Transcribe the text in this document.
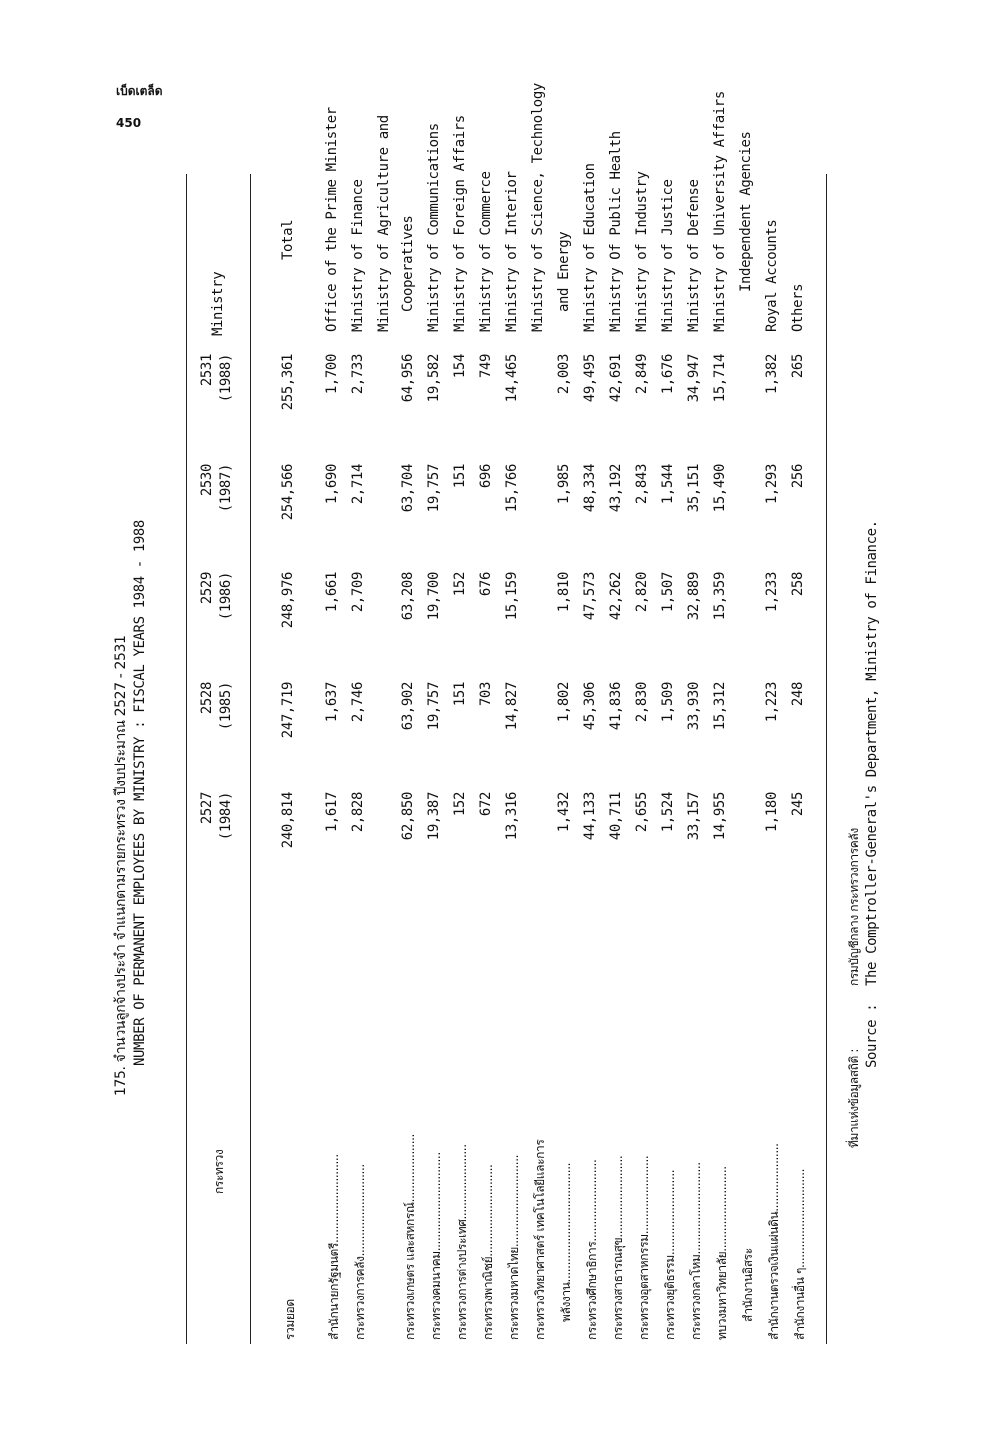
เบ็ดเตล็ด
450
175. จำนวนลูกจ้างประจำ จำแนกตามรายกระทรวง ปีงบประมาณ 2527 - 2531 NUMBER OF PERMANENT EMPLOYEES BY MINISTRY : FISCAL YEARS 1984 - 1988
กระทรวง
Ministry
2527 (1984)
2528 (1985)
2529 (1986)
2530 (1987)
2531 (1988)
รวมยอด
240,814
247,719
248,976
254,566
255,361
Total
สำนักนายกรัฐมนตรี..........................
1,617
1,637
1,661
1,690
1,700
Office of the Prime Minister
กระทรวงการคลัง...........................
2,828
2,746
2,709
2,714
2,733
Ministry of Finance Ministry of Agriculture and
กระทรวงเกษตร และสหกรณ์....................
62,850
63,902
63,208
63,704
64,956
Cooperatives
กระทรวงคมนาคม.............................
19,387
19,757
19,700
19,757
19,582
Ministry of Communications
กระทรวงการต่างประเทศ......................
152
151
152
151
154
Ministry of Foreign Affairs
กระทรวงพาณิชย์...........................
672
703
676
696
749
Ministry of Commerce
กระทรวงมหาดไทย...........................
13,316
14,827
15,159
15,766
14,465
Ministry of Interior
กระทรวงวิทยาศาสตร์ เทคโนโลยีและการ
Ministry of Science, Technology
พลังงาน...................................
1,432
1,802
1,810
1,985
2,003
and Energy
กระทรวงศึกษาธิการ........................
44,133
45,306
47,573
48,334
49,495
Ministry of Education
กระทรวงสาธารณสุข........................
40,711
41,836
42,262
43,192
42,691
Ministry Of Public Health
กระทรวงอุตสาหกรรม.......................
2,655
2,830
2,820
2,843
2,849
Ministry of Industry
กระทรวงยุติธรรม.........................
1,524
1,509
1,507
1,544
1,676
Ministry of Justice
กระทรวงกลาโหม...........................
33,157
33,930
32,889
35,151
34,947
Ministry of Defense
ทบวงมหาวิทยาลัย.........................
14,955
15,312
15,359
15,490
15,714
Ministry of University Affairs
สำนักงานอิสระ
Independent Agencies
สำนักงานตรวจเงินแผ่นดิน....................
1,180
1,223
1,233
1,293
1,382
Royal Accounts
สำนักงานอื่น ๆ.............................
245
248
258
256
265
Others
ที่มาแห่งข้อมูลสถิติ :
กรมบัญชีกลาง กระทรวงการคลัง
Source :
The Comptroller-General's Department, Ministry of Finance.
